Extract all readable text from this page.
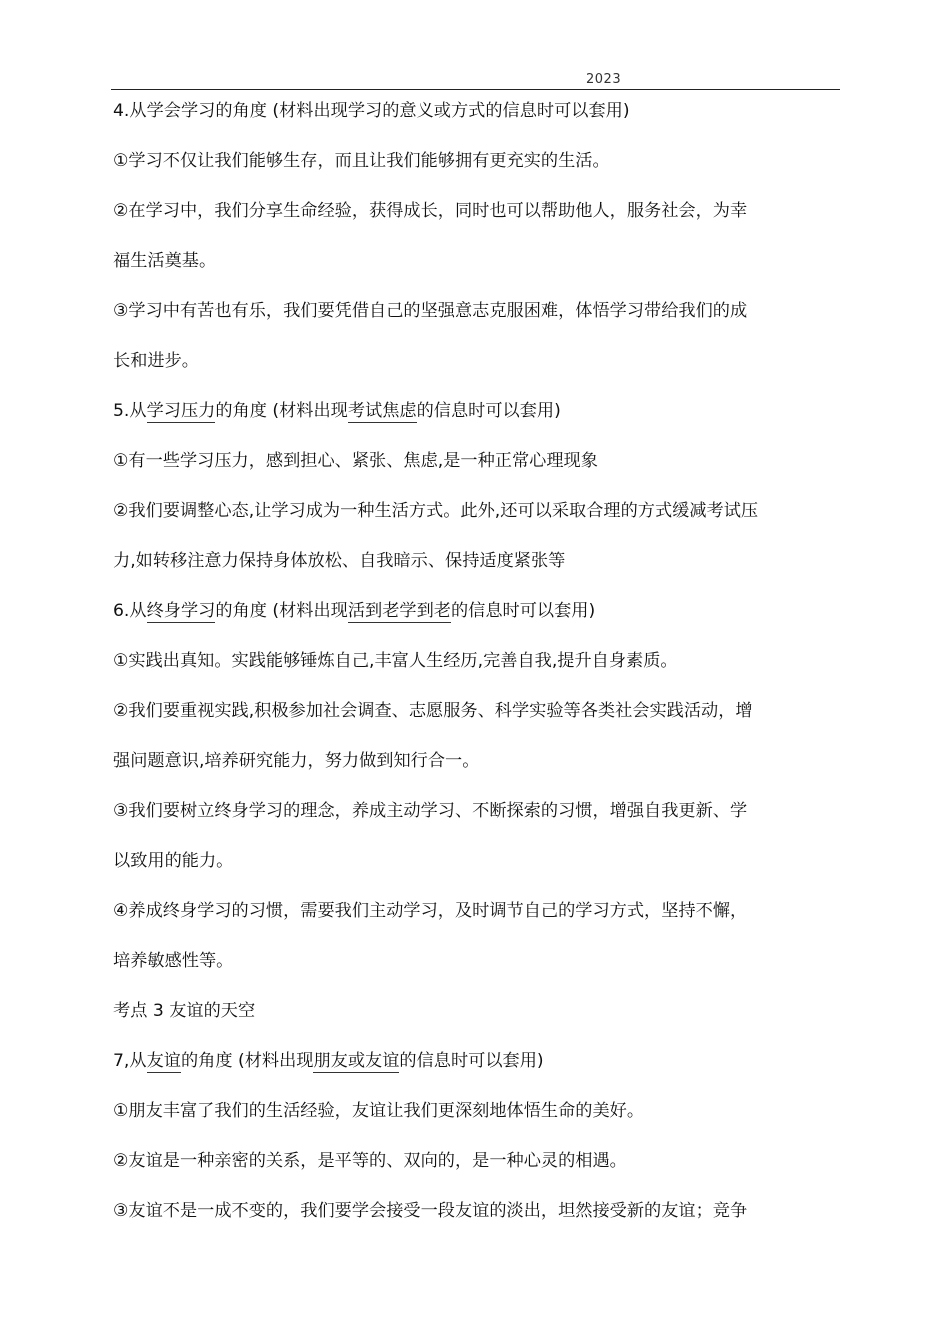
2023
4.从学会学习的角度 (材料出现学习的意义或方式的信息时可以套用)
①学习不仅让我们能够生存，而且让我们能够拥有更充实的生活。
②在学习中，我们分享生命经验，获得成长，同时也可以帮助他人，服务社会，为幸
福生活奠基。
③学习中有苦也有乐，我们要凭借自己的坚强意志克服困难，体悟学习带给我们的成
长和进步。
5.从学习压力的角度 (材料出现考试焦虑的信息时可以套用)
①有一些学习压力，感到担心、紧张、焦虑,是一种正常心理现象
②我们要调整心态,让学习成为一种生活方式。此外,还可以采取合理的方式缓减考试压
力,如转移注意力保持身体放松、自我暗示、保持适度紧张等
6.从终身学习的角度 (材料出现活到老学到老的信息时可以套用)
①实践出真知。实践能够锤炼自己,丰富人生经历,完善自我,提升自身素质。
②我们要重视实践,积极参加社会调查、志愿服务、科学实验等各类社会实践活动，增
强问题意识,培养研究能力，努力做到知行合一。
③我们要树立终身学习的理念，养成主动学习、不断探索的习惯，增强自我更新、学
以致用的能力。
④养成终身学习的习惯，需要我们主动学习，及时调节自己的学习方式，坚持不懈，
培养敏感性等。
考点 3 友谊的天空
7,从友谊的角度 (材料出现朋友或友谊的信息时可以套用)
①朋友丰富了我们的生活经验，友谊让我们更深刻地体悟生命的美好。
②友谊是一种亲密的关系，是平等的、双向的，是一种心灵的相遇。
③友谊不是一成不变的，我们要学会接受一段友谊的淡出，坦然接受新的友谊；竞争
